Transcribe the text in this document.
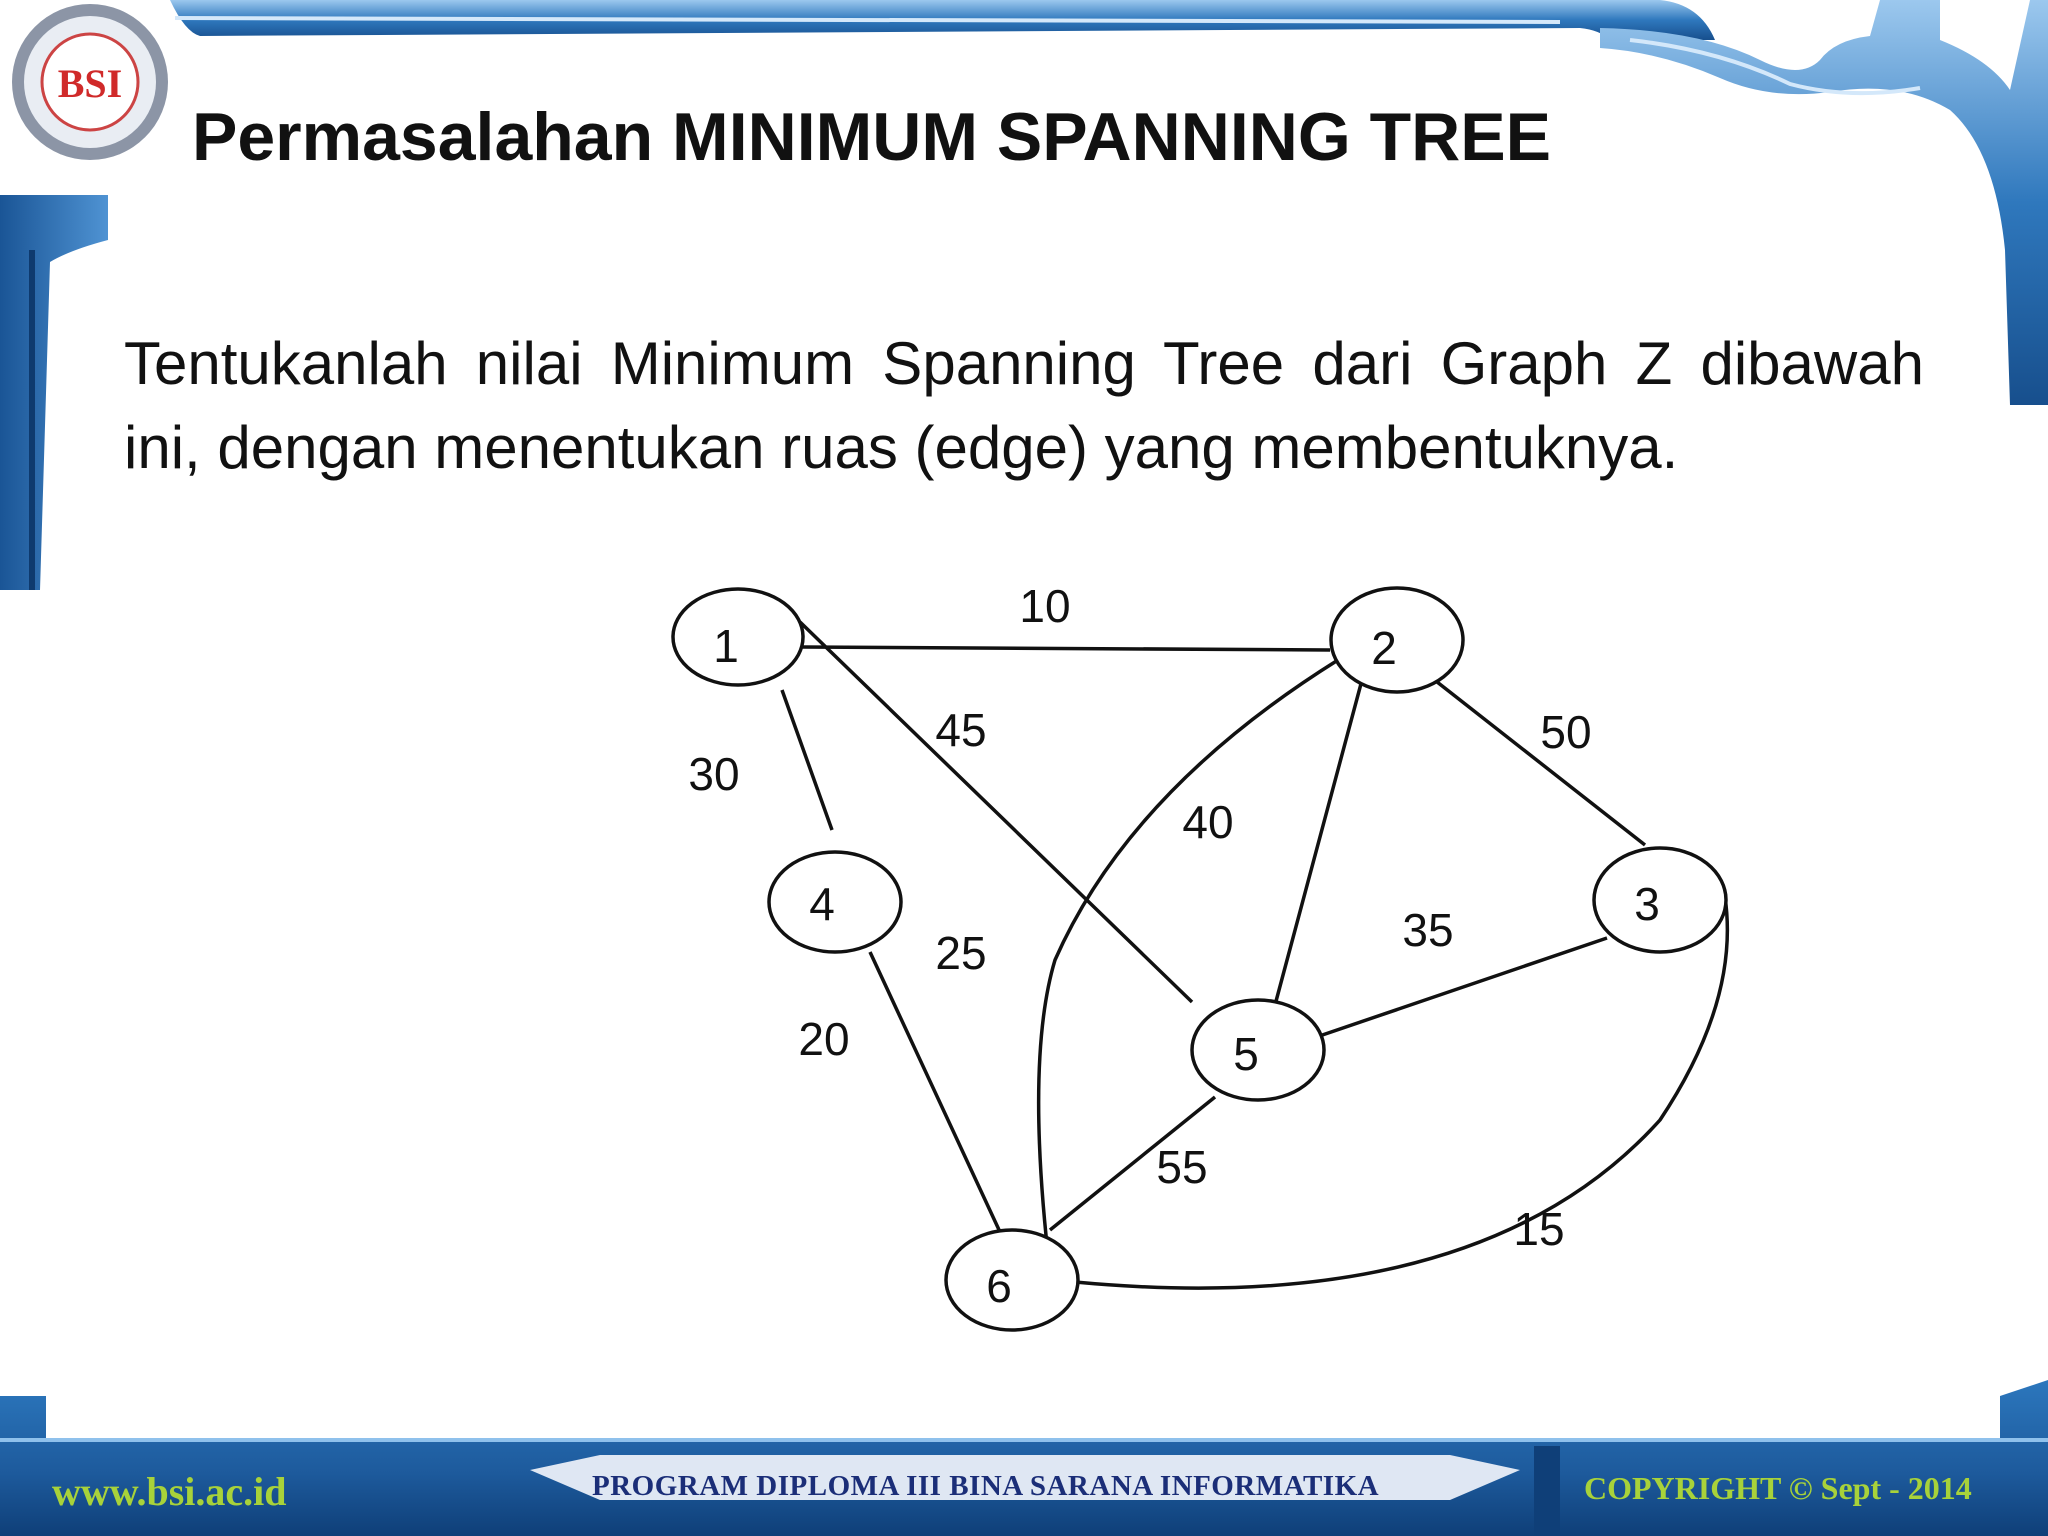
BSI
Permasalahan MINIMUM SPANNING TREE
Tentukanlah nilai Minimum Spanning Tree dari Graph Z dibawah ini, dengan menentukan ruas (edge) yang membentuknya.
1	2
3
4
5
6
10
45
30
50
40
25	35
15
20
55
www.bsi.ac.id	PROGRAM DIPLOMA III BINA SARANA INFORMATIKA	COPYRIGHT © Sept - 2014
